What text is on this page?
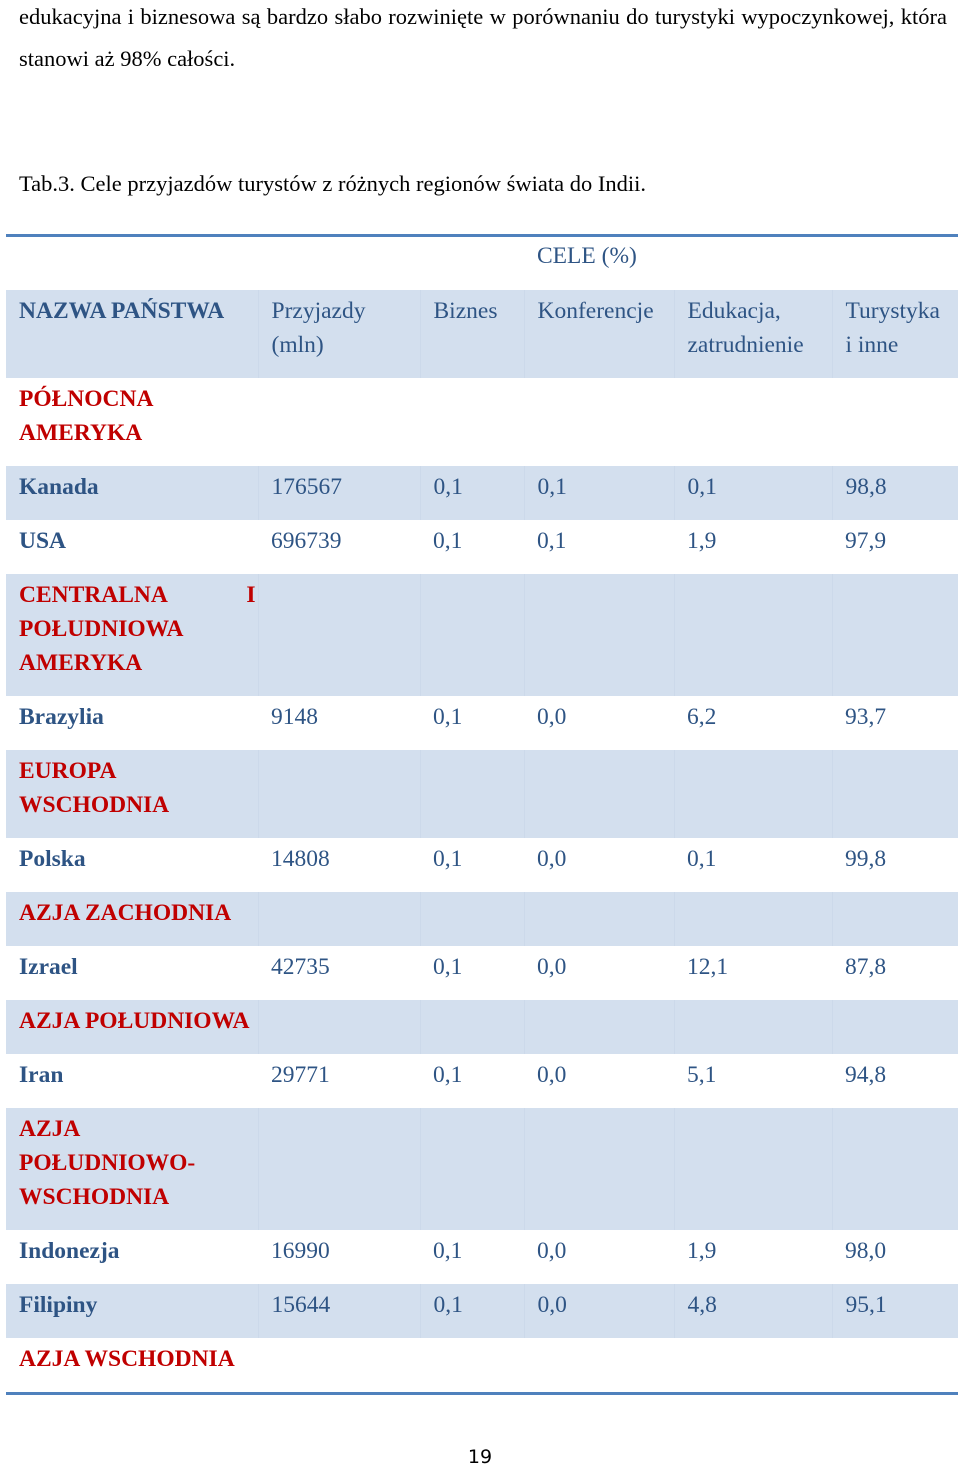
edukacyjna i biznesowa są bardzo słabo rozwinięte w porównaniu do turystyki wypoczynkowej, która stanowi aż 98% całości.
Tab.3. Cele przyjazdów turystów z różnych regionów świata do Indii.
			CELE (%)		
NAZWA PAŃSTWA	Przyjazdy (mln)	Biznes	Konferencje	Edukacja, zatrudnienie	Turystyka i inne
PÓŁNOCNA AMERYKA					
Kanada	176567	0,1	0,1	0,1	98,8
USA	696739	0,1	0,1	1,9	97,9
CENTRALNA I POŁUDNIOWA AMERYKA					
Brazylia	9148	0,1	0,0	6,2	93,7
EUROPA WSCHODNIA					
Polska	14808	0,1	0,0	0,1	99,8
AZJA ZACHODNIA					
Izrael	42735	0,1	0,0	12,1	87,8
AZJA POŁUDNIOWA					
Iran	29771	0,1	0,0	5,1	94,8
AZJA POŁUDNIOWO-WSCHODNIA					
Indonezja	16990	0,1	0,0	1,9	98,0
Filipiny	15644	0,1	0,0	4,8	95,1
AZJA WSCHODNIA					
19
